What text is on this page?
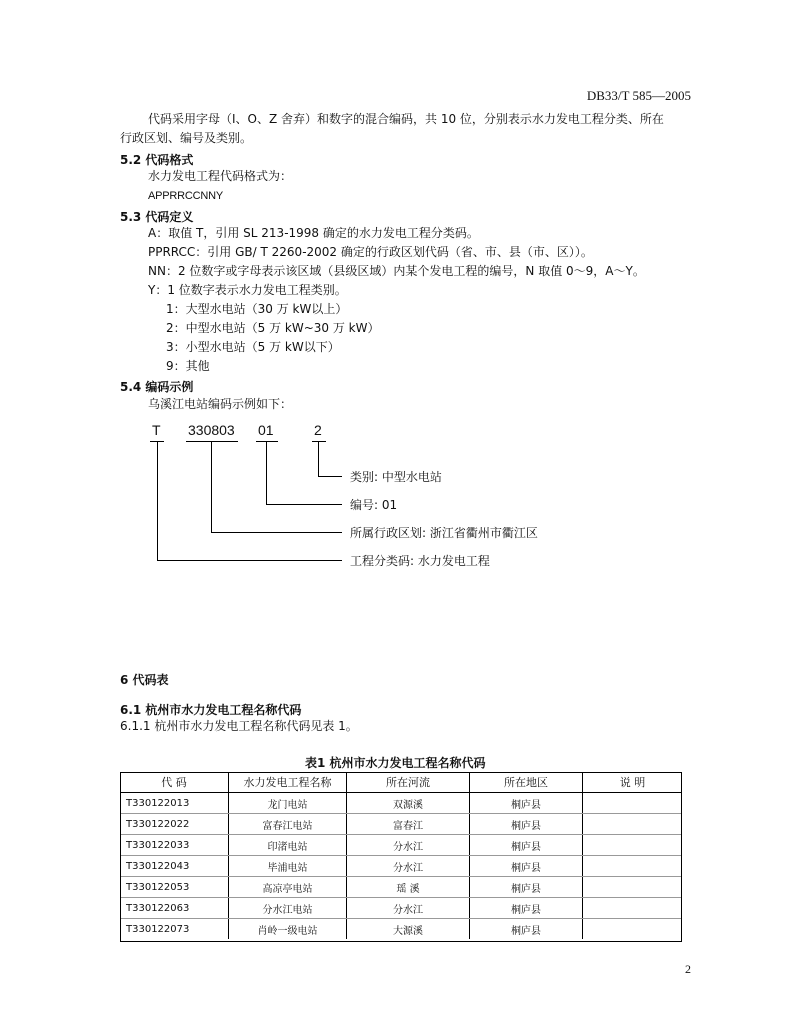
DB33/T 585—2005
代码采用字母（I、O、Z 舍弃）和数字的混合编码，共 10 位，分别表示水力发电工程分类、所在
行政区划、编号及类别。
5.2 代码格式
水力发电工程代码格式为：
APPRRCCNNY
5.3 代码定义
A：取值 T，引用 SL 213-1998 确定的水力发电工程分类码。
PPRRCC：引用 GB/ T 2260-2002 确定的行政区划代码（省、市、县（市、区））。
NN：2 位数字或字母表示该区域（县级区域）内某个发电工程的编号，N 取值 0～9，A～Y。
Y：1 位数字表示水力发电工程类别。
1：大型水电站（30 万 kW以上）
2：中型水电站（5 万 kW~30 万 kW）
3：小型水电站（5 万 kW以下）
9：其他
5.4 编码示例
乌溪江电站编码示例如下：
T 330803 01	2
类别: 中型水电站
编号: 01
所属行政区划: 浙江省衢州市衢江区
工程分类码: 水力发电工程
6 代码表
6.1 杭州市水力发电工程名称代码
6.1.1 杭州市水力发电工程名称代码见表 1。
表1 杭州市水力发电工程名称代码
代 码	水力发电工程名称	所在河流	所在地区	说 明
T330122013	龙门电站	双源溪	桐庐县	
T330122022	富春江电站	富春江	桐庐县	
T330122033	印渚电站	分水江	桐庐县	
T330122043	毕浦电站	分水江	桐庐县	
T330122053	高凉亭电站	瑶 溪	桐庐县	
T330122063	分水江电站	分水江	桐庐县	
T330122073	肖岭一级电站	大源溪	桐庐县	
2
